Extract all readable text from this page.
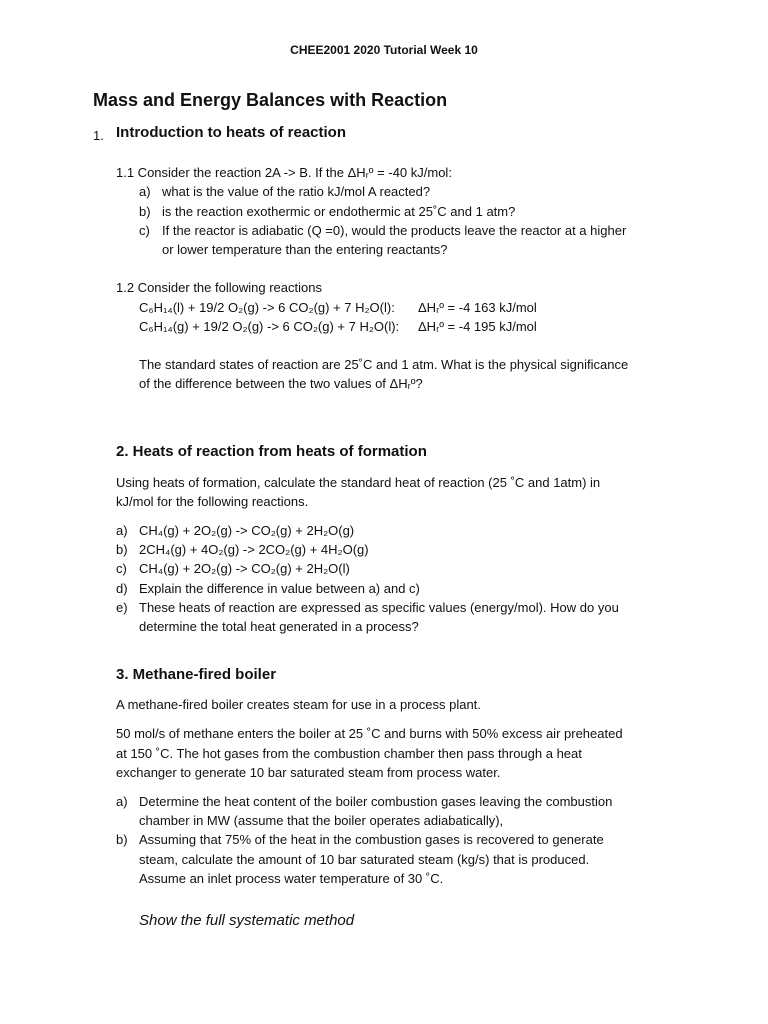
CHEE2001 2020 Tutorial Week 10
Mass and Energy Balances with Reaction
1. Introduction to heats of reaction
1.1 Consider the reaction 2A -> B. If the ΔHᵣº = -40 kJ/mol:
a) what is the value of the ratio kJ/mol A reacted?
b) is the reaction exothermic or endothermic at 25˚C and 1 atm?
c) If the reactor is adiabatic (Q =0), would the products leave the reactor at a higher
or lower temperature than the entering reactants?
1.2 Consider the following reactions
C₆H₁₄(l) + 19/2 O₂(g) -> 6 CO₂(g) + 7 H₂O(l): ΔHᵣº = -4 163 kJ/mol
C₆H₁₄(g) + 19/2 O₂(g) -> 6 CO₂(g) + 7 H₂O(l): ΔHᵣº = -4 195 kJ/mol
The standard states of reaction are 25˚C and 1 atm. What is the physical significance
of the difference between the two values of ΔHᵣº?
2. Heats of reaction from heats of formation
Using heats of formation, calculate the standard heat of reaction (25 ˚C and 1atm) in
kJ/mol for the following reactions.
a) CH₄(g) + 2O₂(g) -> CO₂(g) + 2H₂O(g)
b) 2CH₄(g) + 4O₂(g) -> 2CO₂(g) + 4H₂O(g)
c) CH₄(g) + 2O₂(g) -> CO₂(g) + 2H₂O(l)
d) Explain the difference in value between a) and c)
e) These heats of reaction are expressed as specific values (energy/mol). How do you
determine the total heat generated in a process?
3. Methane-fired boiler
A methane-fired boiler creates steam for use in a process plant.
50 mol/s of methane enters the boiler at 25 ˚C and burns with 50% excess air preheated
at 150 ˚C. The hot gases from the combustion chamber then pass through a heat
exchanger to generate 10 bar saturated steam from process water.
a) Determine the heat content of the boiler combustion gases leaving the combustion
chamber in MW (assume that the boiler operates adiabatically),
b) Assuming that 75% of the heat in the combustion gases is recovered to generate
steam, calculate the amount of 10 bar saturated steam (kg/s) that is produced.
Assume an inlet process water temperature of 30 ˚C.
Show the full systematic method
